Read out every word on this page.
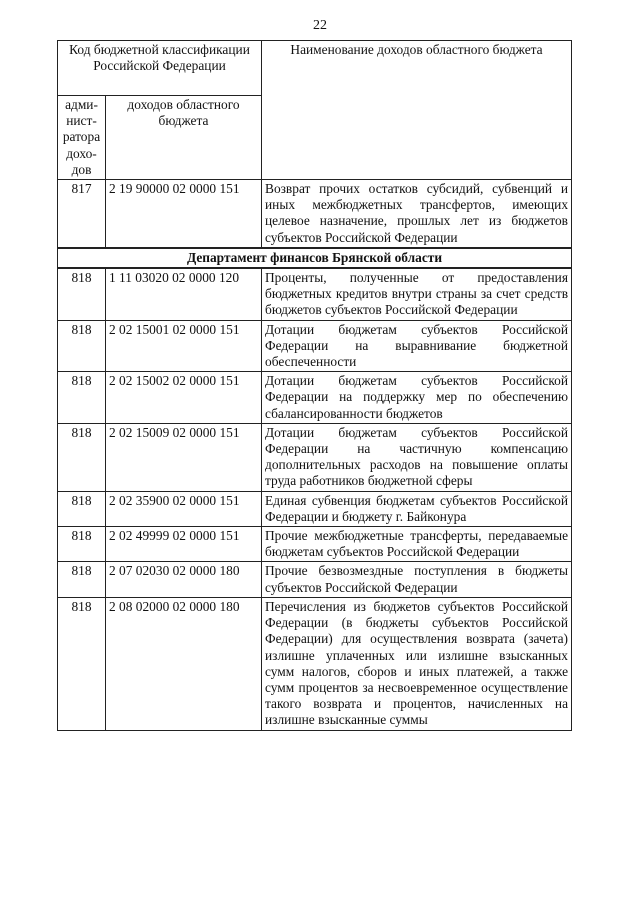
22
Код бюджетной классификации Российской Федерации		Наименование доходов областного бюджета
адми-нист-ратора дохо-дов	доходов областного бюджета	
817	2 19 90000 02 0000 151	Возврат прочих остатков субсидий, субвенций и иных межбюджетных трансфертов, имеющих целевое назначение, прошлых лет из бюджетов субъектов Российской Федерации
Департамент финансов Брянской области		
818	1 11 03020 02 0000 120	Проценты, полученные от предоставления бюджетных кредитов внутри страны за счет средств бюджетов субъектов Российской Федерации
818	2 02 15001 02 0000 151	Дотации бюджетам субъектов Российской Федерации на выравнивание бюджетной обеспеченности
818	2 02 15002 02 0000 151	Дотации бюджетам субъектов Российской Федерации на поддержку мер по обеспечению сбалансированности бюджетов
818	2 02 15009 02 0000 151	Дотации бюджетам субъектов Российской Федерации на частичную компенсацию дополнительных расходов на повышение оплаты труда работников бюджетной сферы
818	2 02 35900 02 0000 151	Единая субвенция бюджетам субъектов Российской Федерации и бюджету г. Байконура
818	2 02 49999 02 0000 151	Прочие межбюджетные трансферты, передаваемые бюджетам субъектов Российской Федерации
818	2 07 02030 02 0000 180	Прочие безвозмездные поступления в бюджеты субъектов Российской Федерации
818	2 08 02000 02 0000 180	Перечисления из бюджетов субъектов Российской Федерации (в бюджеты субъектов Российской Федерации) для осуществления возврата (зачета) излишне уплаченных или излишне взысканных сумм налогов, сборов и иных платежей, а также сумм процентов за несвоевременное осуществление такого возврата и процентов, начисленных на излишне взысканные суммы
